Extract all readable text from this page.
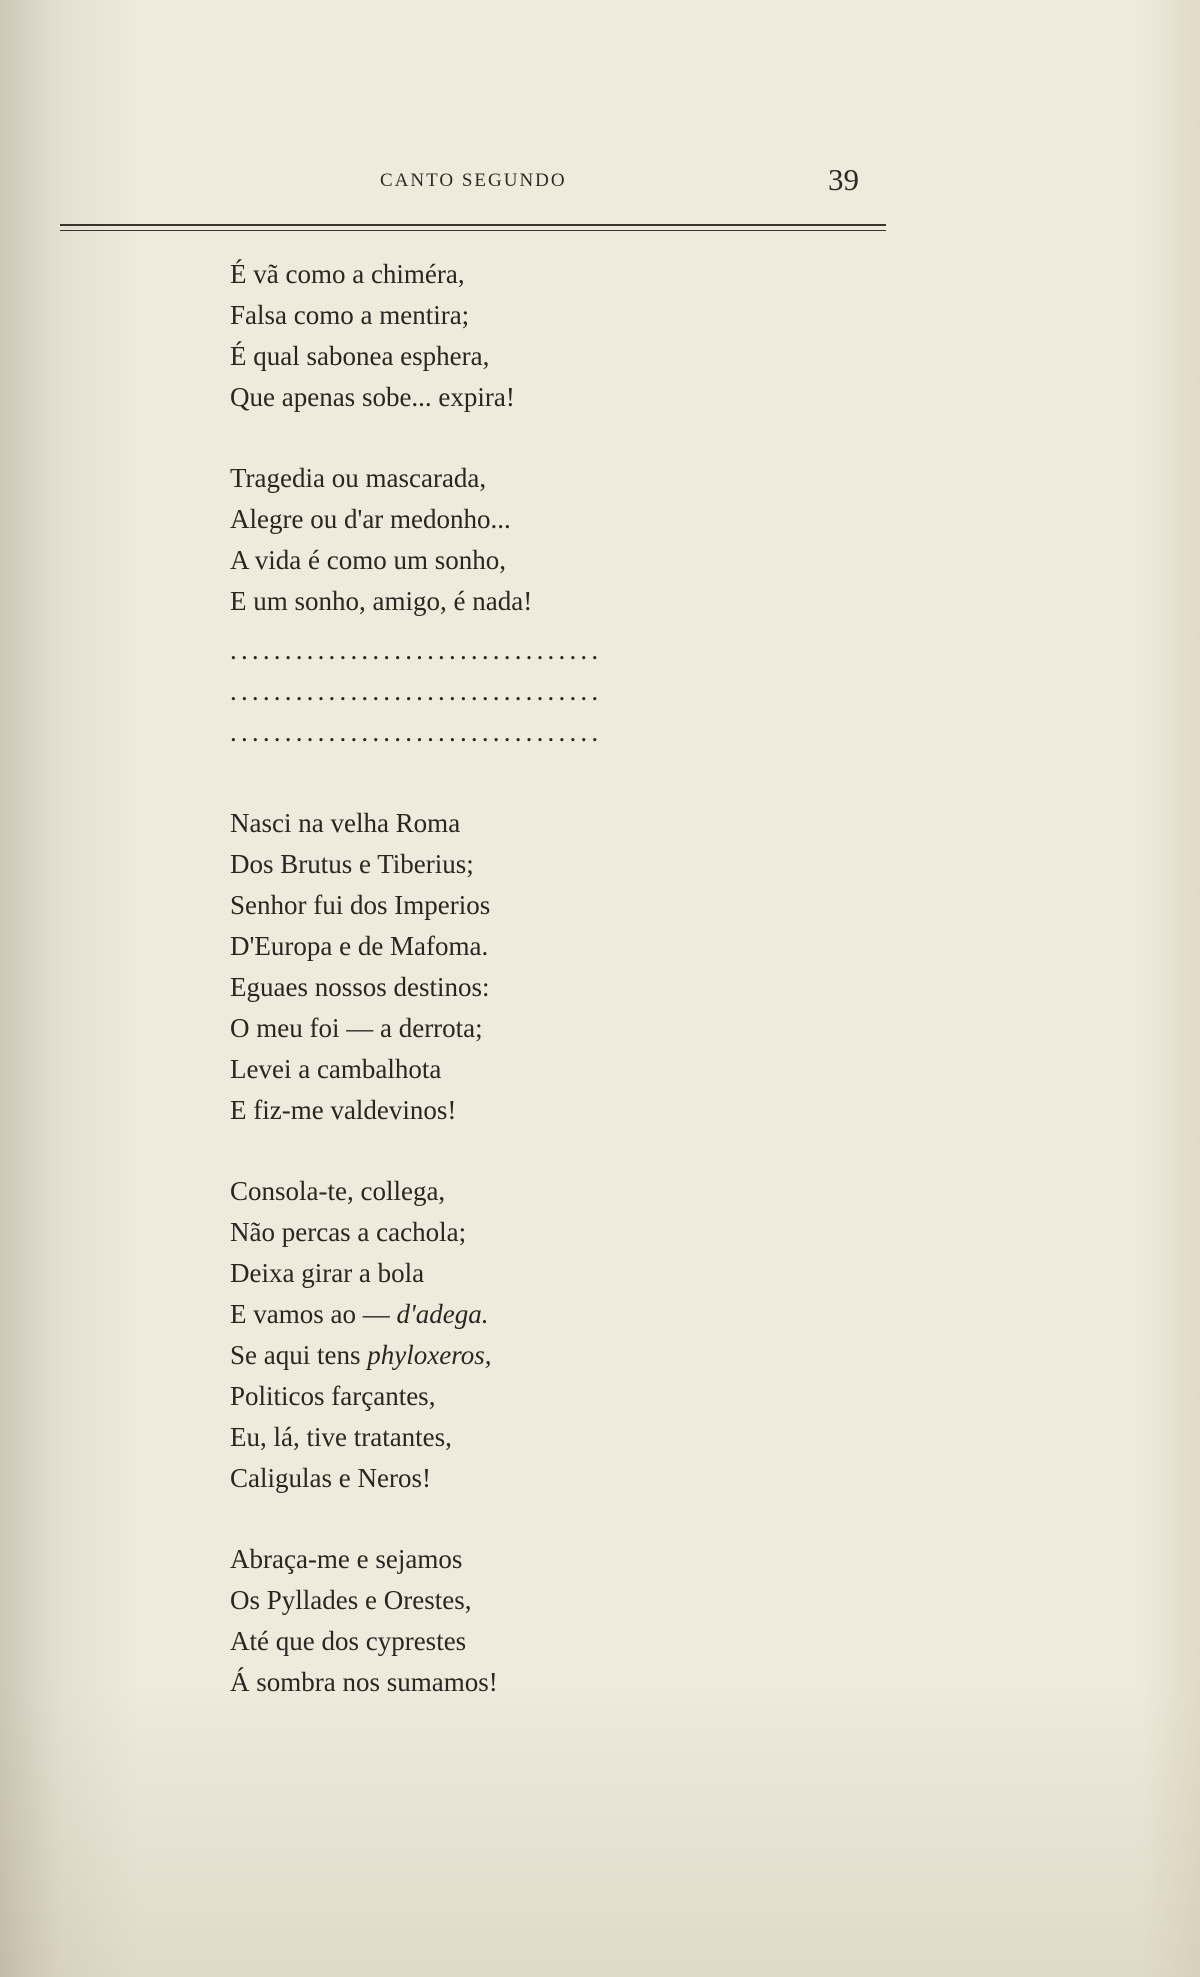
CANTO SEGUNDO	39
É vã como a chiméra,
Falsa como a mentira;
É qual sabonea esphera,
Que apenas sobe... expira!
Tragedia ou mascarada,
Alegre ou d'ar medonho...
A vida é como um sonho,
E um sonho, amigo, é nada!
..................................
..................................
..................................
Nasci na velha Roma
Dos Brutus e Tiberius;
Senhor fui dos Imperios
D'Europa e de Mafoma.
Eguaes nossos destinos:
O meu foi — a derrota;
Levei a cambalhota
E fiz-me valdevinos!
Consola-te, collega,
Não percas a cachola;
Deixa girar a bola
E vamos ao — d'adega.
Se aqui tens phyloxeros,
Politicos farçantes,
Eu, lá, tive tratantes,
Caligulas e Neros!
Abraça-me e sejamos
Os Pyllades e Orestes,
Até que dos cyprestes
Á sombra nos sumamos!
